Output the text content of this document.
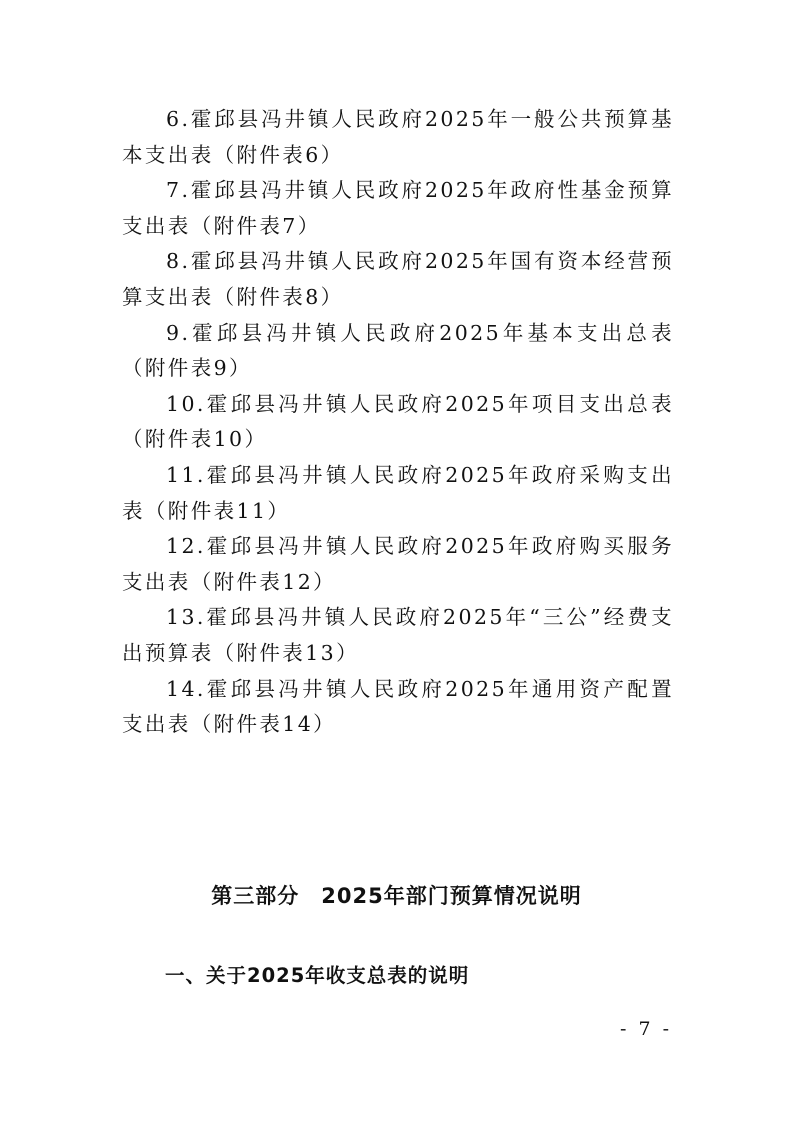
6.霍邱县冯井镇人民政府2025年一般公共预算基本支出表（附件表6）

7.霍邱县冯井镇人民政府2025年政府性基金预算支出表（附件表7）

8.霍邱县冯井镇人民政府2025年国有资本经营预算支出表（附件表8）

9.霍邱县冯井镇人民政府2025年基本支出总表（附件表9）

10.霍邱县冯井镇人民政府2025年项目支出总表（附件表10）

11.霍邱县冯井镇人民政府2025年政府采购支出表（附件表11）

12.霍邱县冯井镇人民政府2025年政府购买服务支出表（附件表12）

13.霍邱县冯井镇人民政府2025年“三公”经费支出预算表（附件表13）

14.霍邱县冯井镇人民政府2025年通用资产配置支出表（附件表14）

第三部分　2025年部门预算情况说明
一、关于2025年收支总表的说明
- 7 -
